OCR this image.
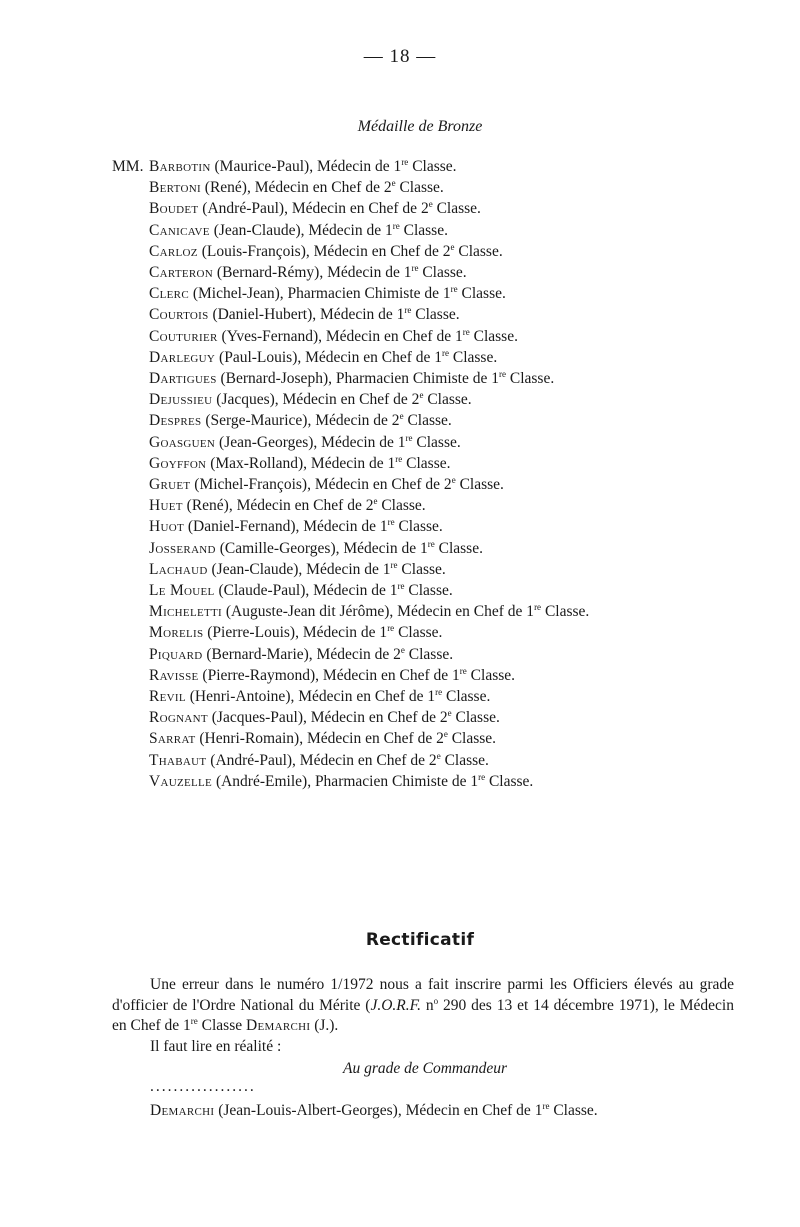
— 18 —
Médaille de Bronze
MM. Barbotin (Maurice-Paul), Médecin de 1re Classe.
Bertoni (René), Médecin en Chef de 2e Classe.
Boudet (André-Paul), Médecin en Chef de 2e Classe.
Canicave (Jean-Claude), Médecin de 1re Classe.
Carloz (Louis-François), Médecin en Chef de 2e Classe.
Carteron (Bernard-Rémy), Médecin de 1re Classe.
Clerc (Michel-Jean), Pharmacien Chimiste de 1re Classe.
Courtois (Daniel-Hubert), Médecin de 1re Classe.
Couturier (Yves-Fernand), Médecin en Chef de 1re Classe.
Darleguy (Paul-Louis), Médecin en Chef de 1re Classe.
Dartigues (Bernard-Joseph), Pharmacien Chimiste de 1re Classe.
Dejussieu (Jacques), Médecin en Chef de 2e Classe.
Despres (Serge-Maurice), Médecin de 2e Classe.
Goasguen (Jean-Georges), Médecin de 1re Classe.
Goyffon (Max-Rolland), Médecin de 1re Classe.
Gruet (Michel-François), Médecin en Chef de 2e Classe.
Huet (René), Médecin en Chef de 2e Classe.
Huot (Daniel-Fernand), Médecin de 1re Classe.
Josserand (Camille-Georges), Médecin de 1re Classe.
Lachaud (Jean-Claude), Médecin de 1re Classe.
Le Mouel (Claude-Paul), Médecin de 1re Classe.
Micheletti (Auguste-Jean dit Jérôme), Médecin en Chef de 1re Classe.
Morelis (Pierre-Louis), Médecin de 1re Classe.
Piquard (Bernard-Marie), Médecin de 2e Classe.
Ravisse (Pierre-Raymond), Médecin en Chef de 1re Classe.
Revil (Henri-Antoine), Médecin en Chef de 1re Classe.
Rognant (Jacques-Paul), Médecin en Chef de 2e Classe.
Sarrat (Henri-Romain), Médecin en Chef de 2e Classe.
Thabaut (André-Paul), Médecin en Chef de 2e Classe.
Vauzelle (André-Emile), Pharmacien Chimiste de 1re Classe.
Rectificatif
Une erreur dans le numéro 1/1972 nous a fait inscrire parmi les Officiers élevés au grade d'officier de l'Ordre National du Mérite (J.O.R.F. $n^o$ 290 des 13 et 14 décembre 1971), le Médecin en Chef de 1re Classe Demarchi (J.).
Il faut lire en réalité :
Au grade de Commandeur
..................
Demarchi (Jean-Louis-Albert-Georges), Médecin en Chef de 1re Classe.
